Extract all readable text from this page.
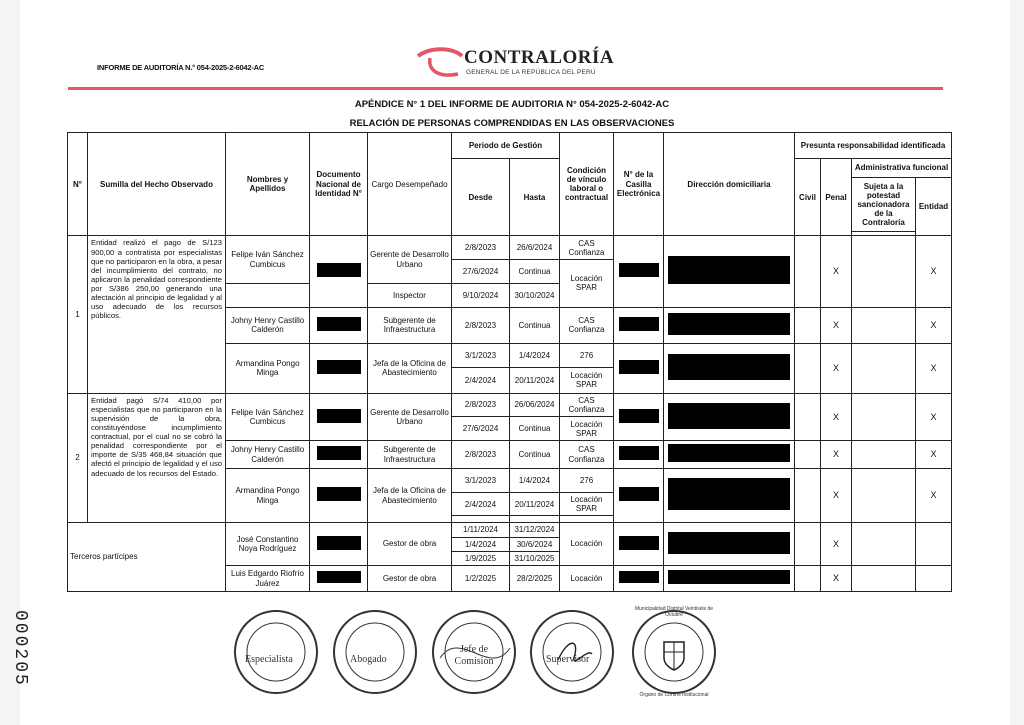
INFORME DE AUDITORÍA N.° 054-2025-2-6042-AC	CONTRALORÍA
GENERAL DE LA REPÚBLICA DEL PERÚ
APÉNDICE N° 1 DEL INFORME DE AUDITORIA N° 054-2025-2-6042-AC
RELACIÓN DE PERSONAS COMPRENDIDAS EN LAS OBSERVACIONES
N°	Sumilla del Hecho Observado	Nombres y Apellidos	Documento Nacional de Identidad N°	Cargo Desempeñado	Periodo de Gestión		Condición de vínculo laboral o contractual	N° de la Casilla Electrónica	Dirección domiciliaria	Presunta responsabilidad identificada			
					Desde	Hasta				Civil	Penal	Administrativa funcional	
												Sujeta a la potestad sancionadora de la Contraloría	Entidad

1	Entidad realizó el pago de S/123 900,00 a contratista por especialistas que no participaron en la obra, a pesar del incumplimiento del contrato, no aplicaron la penalidad correspondiente por S/386 250,00 generando una afectación al principio de legalidad y al uso adecuado de los recursos públicos.	Felipe Iván Sánchez Cumbicus		Gerente de Desarrollo Urbano	2/8/2023	26/6/2024	CAS Confianza				X		X
					27/6/2024	Continua	Locación SPAR						
				Inspector	9/10/2024	30/10/2024							
		Johny Henry Castillo Calderón		Subgerente de Infraestructura	2/8/2023	Continua	CAS Confianza				X		X
		Armandina Pongo Minga		Jefa de la Oficina de Abastecimiento	3/1/2023	1/4/2024	276				X		X
					2/4/2024	20/11/2024	Locación SPAR						
2	Entidad pagó S/74 410,00 por especialistas que no participaron en la supervisión de la obra, constituyéndose incumplimiento contractual, por el cual no se cobró la penalidad correspondiente por el importe de S/35 468,84 situación que afectó el principio de legalidad y el uso adecuado de los recursos del Estado.	Felipe Iván Sánchez Cumbicus		Gerente de Desarrollo Urbano	2/8/2023	26/06/2024	CAS Confianza				X		X
					27/6/2024	Continua	Locación SPAR						
		Johny Henry Castillo Calderón		Subgerente de Infraestructura	2/8/2023	Continua	CAS Confianza				X		X
		Armandina Pongo Minga		Jefa de la Oficina de Abastecimiento	3/1/2023	1/4/2024	276				X		X
					2/4/2024	20/11/2024	Locación SPAR						

Terceros partícipes		José Constantino Noya Rodríguez		Gestor de obra	1/11/2024	31/12/2024	Locación				X		
					1/4/2024	30/6/2024							
					1/9/2025	31/10/2025							
		Luis Edgardo Riofrío Juárez		Gestor de obra	1/2/2025	28/2/2025	Locación				X		
000205	Especialista	Abogado
Jefe de Comisión	Supervisor
Municipalidad Distrital Veintiséis de Octubre
Órgano de Control Institucional
